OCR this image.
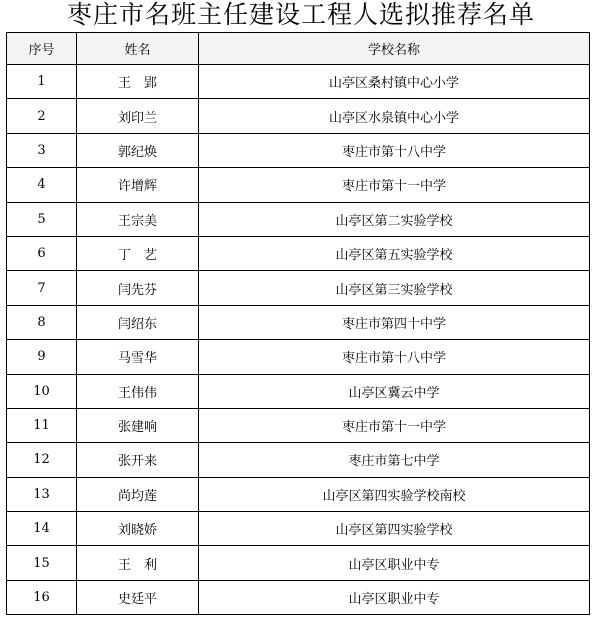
枣庄市名班主任建设工程人选拟推荐名单
序号	姓名	学校名称
1	王　郢	山亭区桑村镇中心小学
2	刘印兰	山亭区水泉镇中心小学
3	郭纪焕	枣庄市第十八中学
4	许增辉	枣庄市第十一中学
5	王宗美	山亭区第二实验学校
6	丁　艺	山亭区第五实验学校
7	闫先芬	山亭区第三实验学校
8	闫绍东	枣庄市第四十中学
9	马雪华	枣庄市第十八中学
10	王伟伟	山亭区冀云中学
11	张建响	枣庄市第十一中学
12	张开来	枣庄市第七中学
13	尚均莲	山亭区第四实验学校南校
14	刘晓娇	山亭区第四实验学校
15	王　利	山亭区职业中专
16	史廷平	山亭区职业中专
